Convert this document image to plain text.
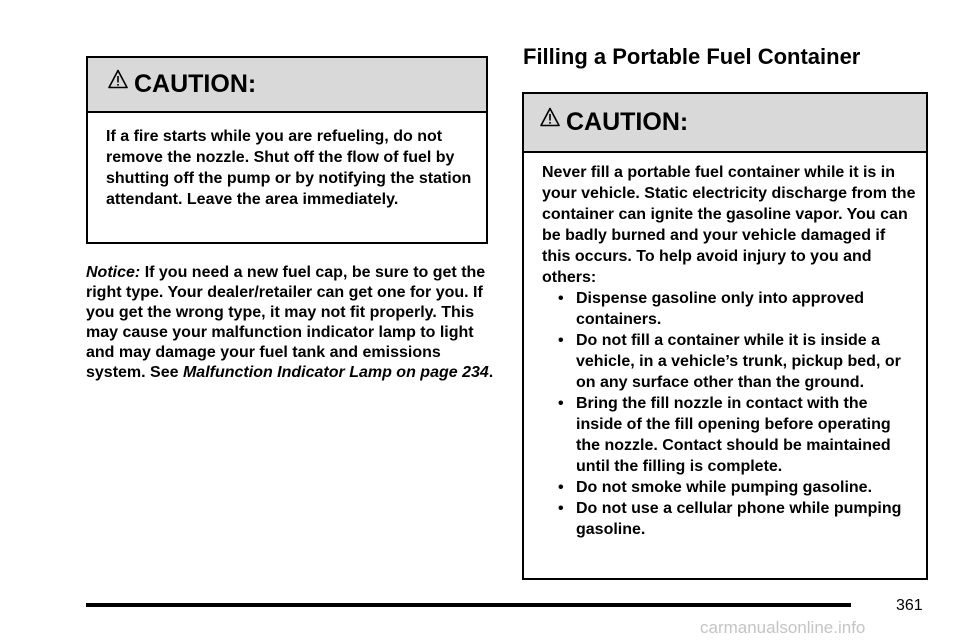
CAUTION:
If a fire starts while you are refueling, do not remove the nozzle. Shut off the flow of fuel by shutting off the pump or by notifying the station attendant. Leave the area immediately.
Notice: If you need a new fuel cap, be sure to get the right type. Your dealer/retailer can get one for you. If you get the wrong type, it may not fit properly. This may cause your malfunction indicator lamp to light and may damage your fuel tank and emissions system. See Malfunction Indicator Lamp on page 234.
Filling a Portable Fuel Container
CAUTION:
Never fill a portable fuel container while it is in your vehicle. Static electricity discharge from the container can ignite the gasoline vapor. You can be badly burned and your vehicle damaged if this occurs. To help avoid injury to you and others:
• Dispense gasoline only into approved containers.
• Do not fill a container while it is inside a vehicle, in a vehicle’s trunk, pickup bed, or on any surface other than the ground.
• Bring the fill nozzle in contact with the inside of the fill opening before operating the nozzle. Contact should be maintained until the filling is complete.
• Do not smoke while pumping gasoline.
• Do not use a cellular phone while pumping gasoline.
361
carmanualsonline.info
